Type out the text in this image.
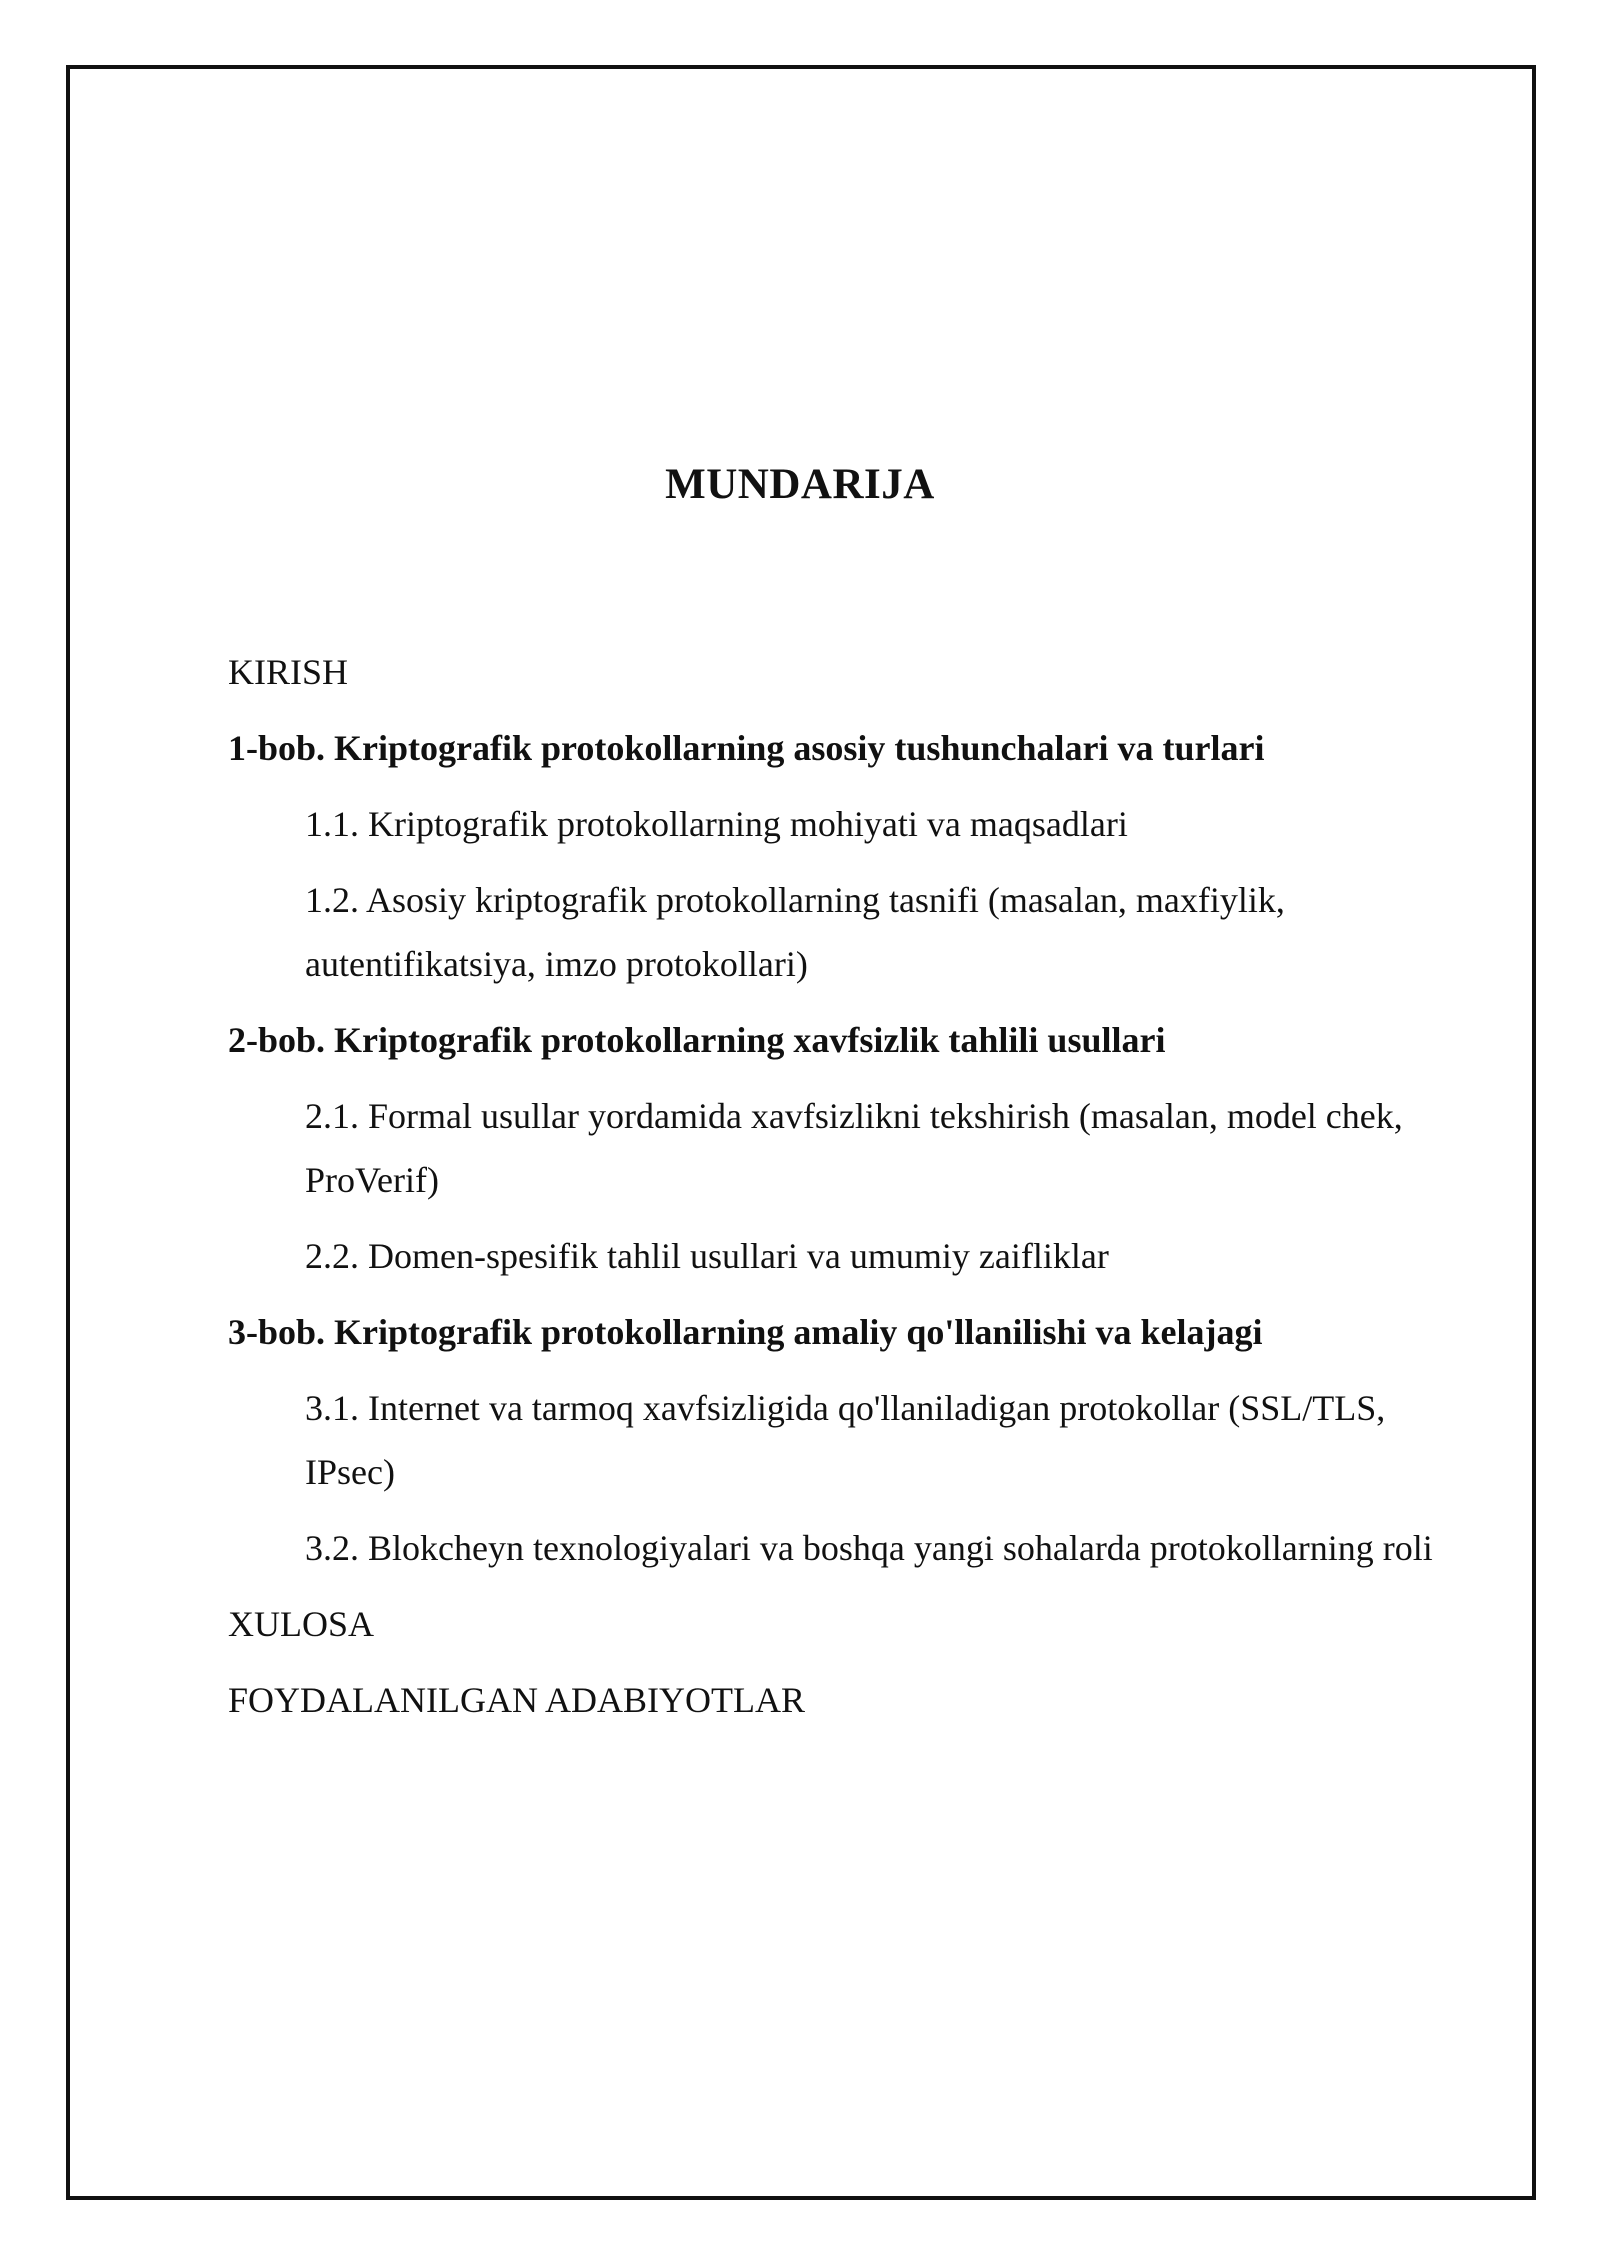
MUNDARIJA
KIRISH
1-bob. Kriptografik protokollarning asosiy tushunchalari va turlari
1.1. Kriptografik protokollarning mohiyati va maqsadlari
1.2. Asosiy kriptografik protokollarning tasnifi (masalan, maxfiylik,
autentifikatsiya, imzo protokollari)
2-bob. Kriptografik protokollarning xavfsizlik tahlili usullari
2.1. Formal usullar yordamida xavfsizlikni tekshirish (masalan, model chek,
ProVerif)
2.2. Domen-spesifik tahlil usullari va umumiy zaifliklar
3-bob. Kriptografik protokollarning amaliy qo'llanilishi va kelajagi
3.1. Internet va tarmoq xavfsizligida qo'llaniladigan protokollar (SSL/TLS,
IPsec)
3.2. Blokcheyn texnologiyalari va boshqa yangi sohalarda protokollarning roli
XULOSA
FOYDALANILGAN ADABIYOTLAR
